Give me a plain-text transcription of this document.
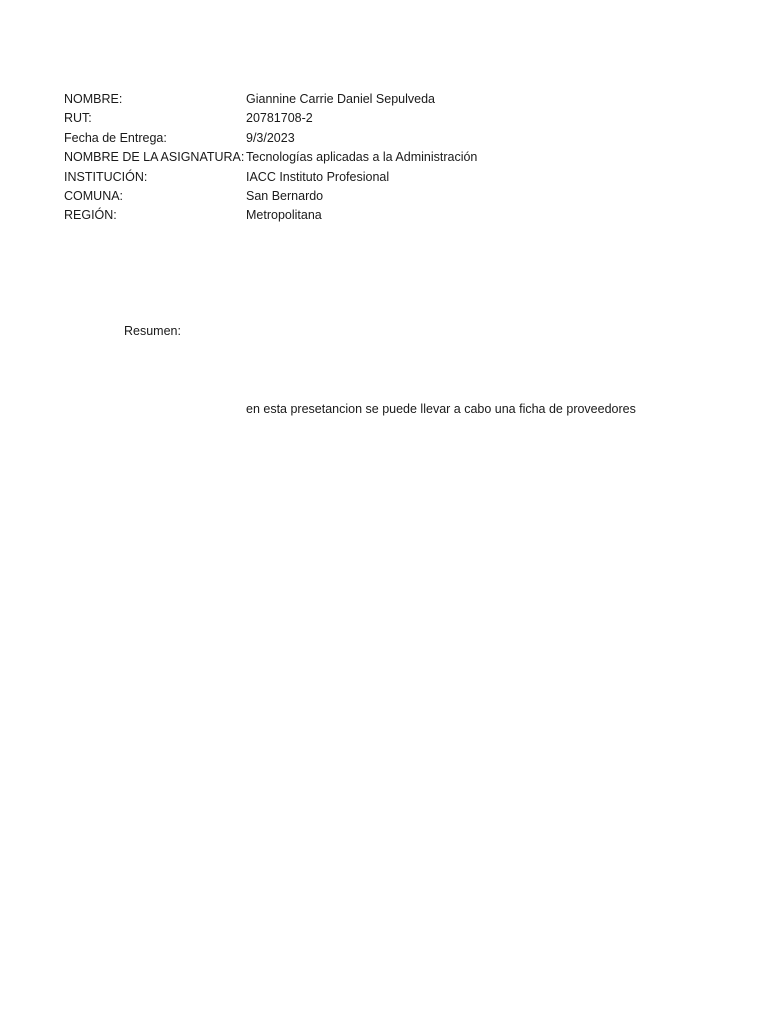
NOMBRE:	Giannine Carrie Daniel Sepulveda
RUT:	20781708-2
Fecha de Entrega:	9/3/2023
NOMBRE DE LA ASIGNATURA: Tecnologías aplicadas a la Administración
INSTITUCIÓN:	IACC Instituto Profesional
COMUNA:	San Bernardo
REGIÓN:	Metropolitana
Resumen:
en esta presetancion se puede llevar a cabo una ficha de proveedores
